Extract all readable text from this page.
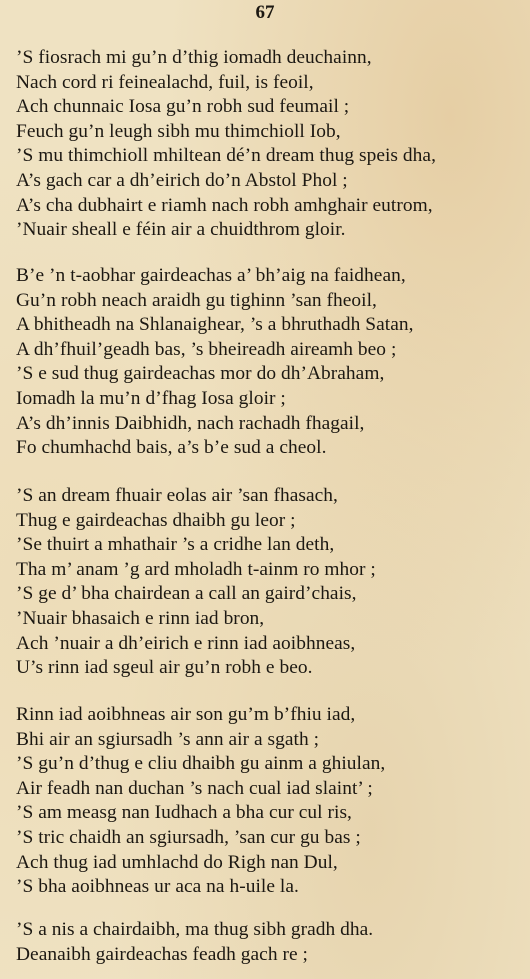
67
’S fiosrach mi gu’n d’thig iomadh deuchainn,
Nach cord ri feinealachd, fuil, is feoil,
Ach chunnaic Iosa gu’n robh sud feumail ;
Feuch gu’n leugh sibh mu thimchioll Iob,
’S mu thimchioll mhiltean dé’n dream thug speis dha,
A’s gach car a dh’eirich do’n Abstol Phol ;
A’s cha dubhairt e riamh nach robh amhghair eutrom,
’Nuair sheall e féin air a chuidthrom gloir.
B’e ’n t-aobhar gairdeachas a’ bh’aig na faidhean,
Gu’n robh neach araidh gu tighinn ’san fheoil,
A bhitheadh na Shlanaighear, ’s a bhruthadh Satan,
A dh’fhuil’geadh bas, ’s bheireadh aireamh beo ;
’S e sud thug gairdeachas mor do dh’Abraham,
Iomadh la mu’n d’fhag Iosa gloir ;
A’s dh’innis Daibhidh, nach rachadh fhagail,
Fo chumhachd bais, a’s b’e sud a cheol.
’S an dream fhuair eolas air ’san fhasach,
Thug e gairdeachas dhaibh gu leor ;
’Se thuirt a mhathair ’s a cridhe lan deth,
Tha m’ anam ’g ard mholadh t-ainm ro mhor ;
’S ge d’ bha chairdean a call an gaird’chais,
’Nuair bhasaich e rinn iad bron,
Ach ’nuair a dh’eirich e rinn iad aoibhneas,
U’s rinn iad sgeul air gu’n robh e beo.
Rinn iad aoibhneas air son gu’m b’fhiu iad,
Bhi air an sgiursadh ’s ann air a sgath ;
’S gu’n d’thug e cliu dhaibh gu ainm a ghiulan,
Air feadh nan duchan ’s nach cual iad slaint’ ;
’S am measg nan Iudhach a bha cur cul ris,
’S tric chaidh an sgiursadh, ’san cur gu bas ;
Ach thug iad umhlachd do Righ nan Dul,
’S bha aoibhneas ur aca na h-uile la.
’S a nis a chairdaibh, ma thug sibh gradh dha.
Deanaibh gairdeachas feadh gach re ;
